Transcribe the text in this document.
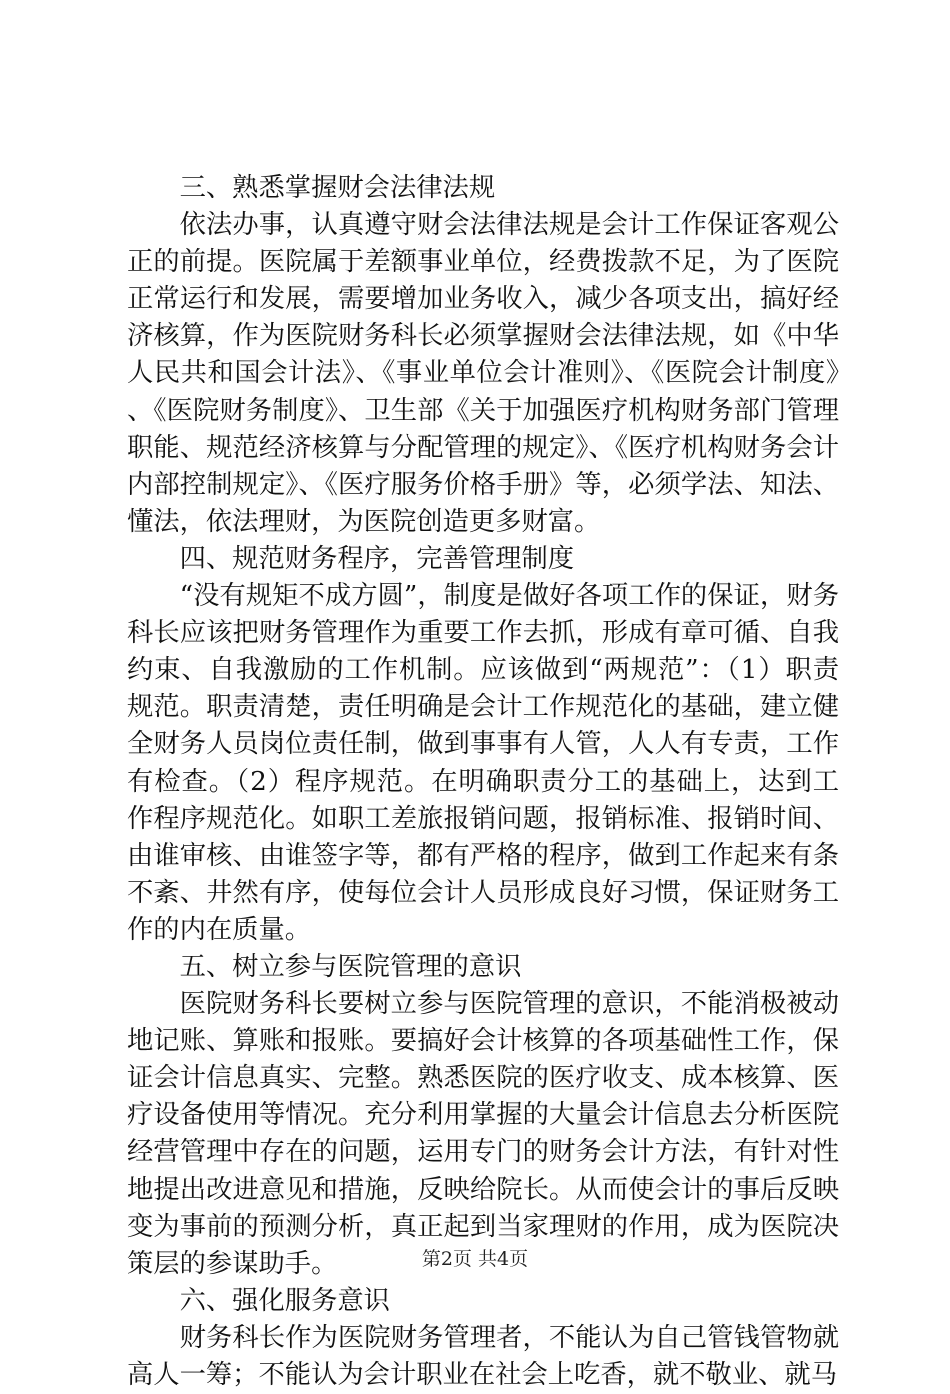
三、熟悉掌握财会法律法规

依法办事，认真遵守财会法律法规是会计工作保证客观公正的前提。医院属于差额事业单位，经费拨款不足，为了医院正常运行和发展，需要增加业务收入，减少各项支出，搞好经济核算，作为医院财务科长必须掌握财会法律法规，如《中华人民共和国会计法》、《事业单位会计准则》、《医院会计制度》、《医院财务制度》、卫生部《关于加强医疗机构财务部门管理职能、规范经济核算与分配管理的规定》、《医疗机构财务会计内部控制规定》、《医疗服务价格手册》等，必须学法、知法、懂法，依法理财，为医院创造更多财富。

四、规范财务程序，完善管理制度

“没有规矩不成方圆”，制度是做好各项工作的保证，财务科长应该把财务管理作为重要工作去抓，形成有章可循、自我约束、自我激励的工作机制。应该做到“两规范”：（1）职责规范。职责清楚，责任明确是会计工作规范化的基础，建立健全财务人员岗位责任制，做到事事有人管，人人有专责，工作有检查。（2）程序规范。在明确职责分工的基础上，达到工作程序规范化。如职工差旅报销问题，报销标准、报销时间、由谁审核、由谁签字等，都有严格的程序，做到工作起来有条不紊、井然有序，使每位会计人员形成良好习惯，保证财务工作的内在质量。

五、树立参与医院管理的意识

医院财务科长要树立参与医院管理的意识，不能消极被动地记账、算账和报账。要搞好会计核算的各项基础性工作，保证会计信息真实、完整。熟悉医院的医疗收支、成本核算、医疗设备使用等情况。充分利用掌握的大量会计信息去分析医院经营管理中存在的问题，运用专门的财务会计方法，有针对性地提出改进意见和措施，反映给院长。从而使会计的事后反映变为事前的预测分析，真正起到当家理财的作用，成为医院决策层的参谋助手。

六、强化服务意识

财务科长作为医院财务管理者，不能认为自己管钱管物就高人一筹；不能认为会计职业在社会上吃香，就不敬业、就马

第2页 共4页
